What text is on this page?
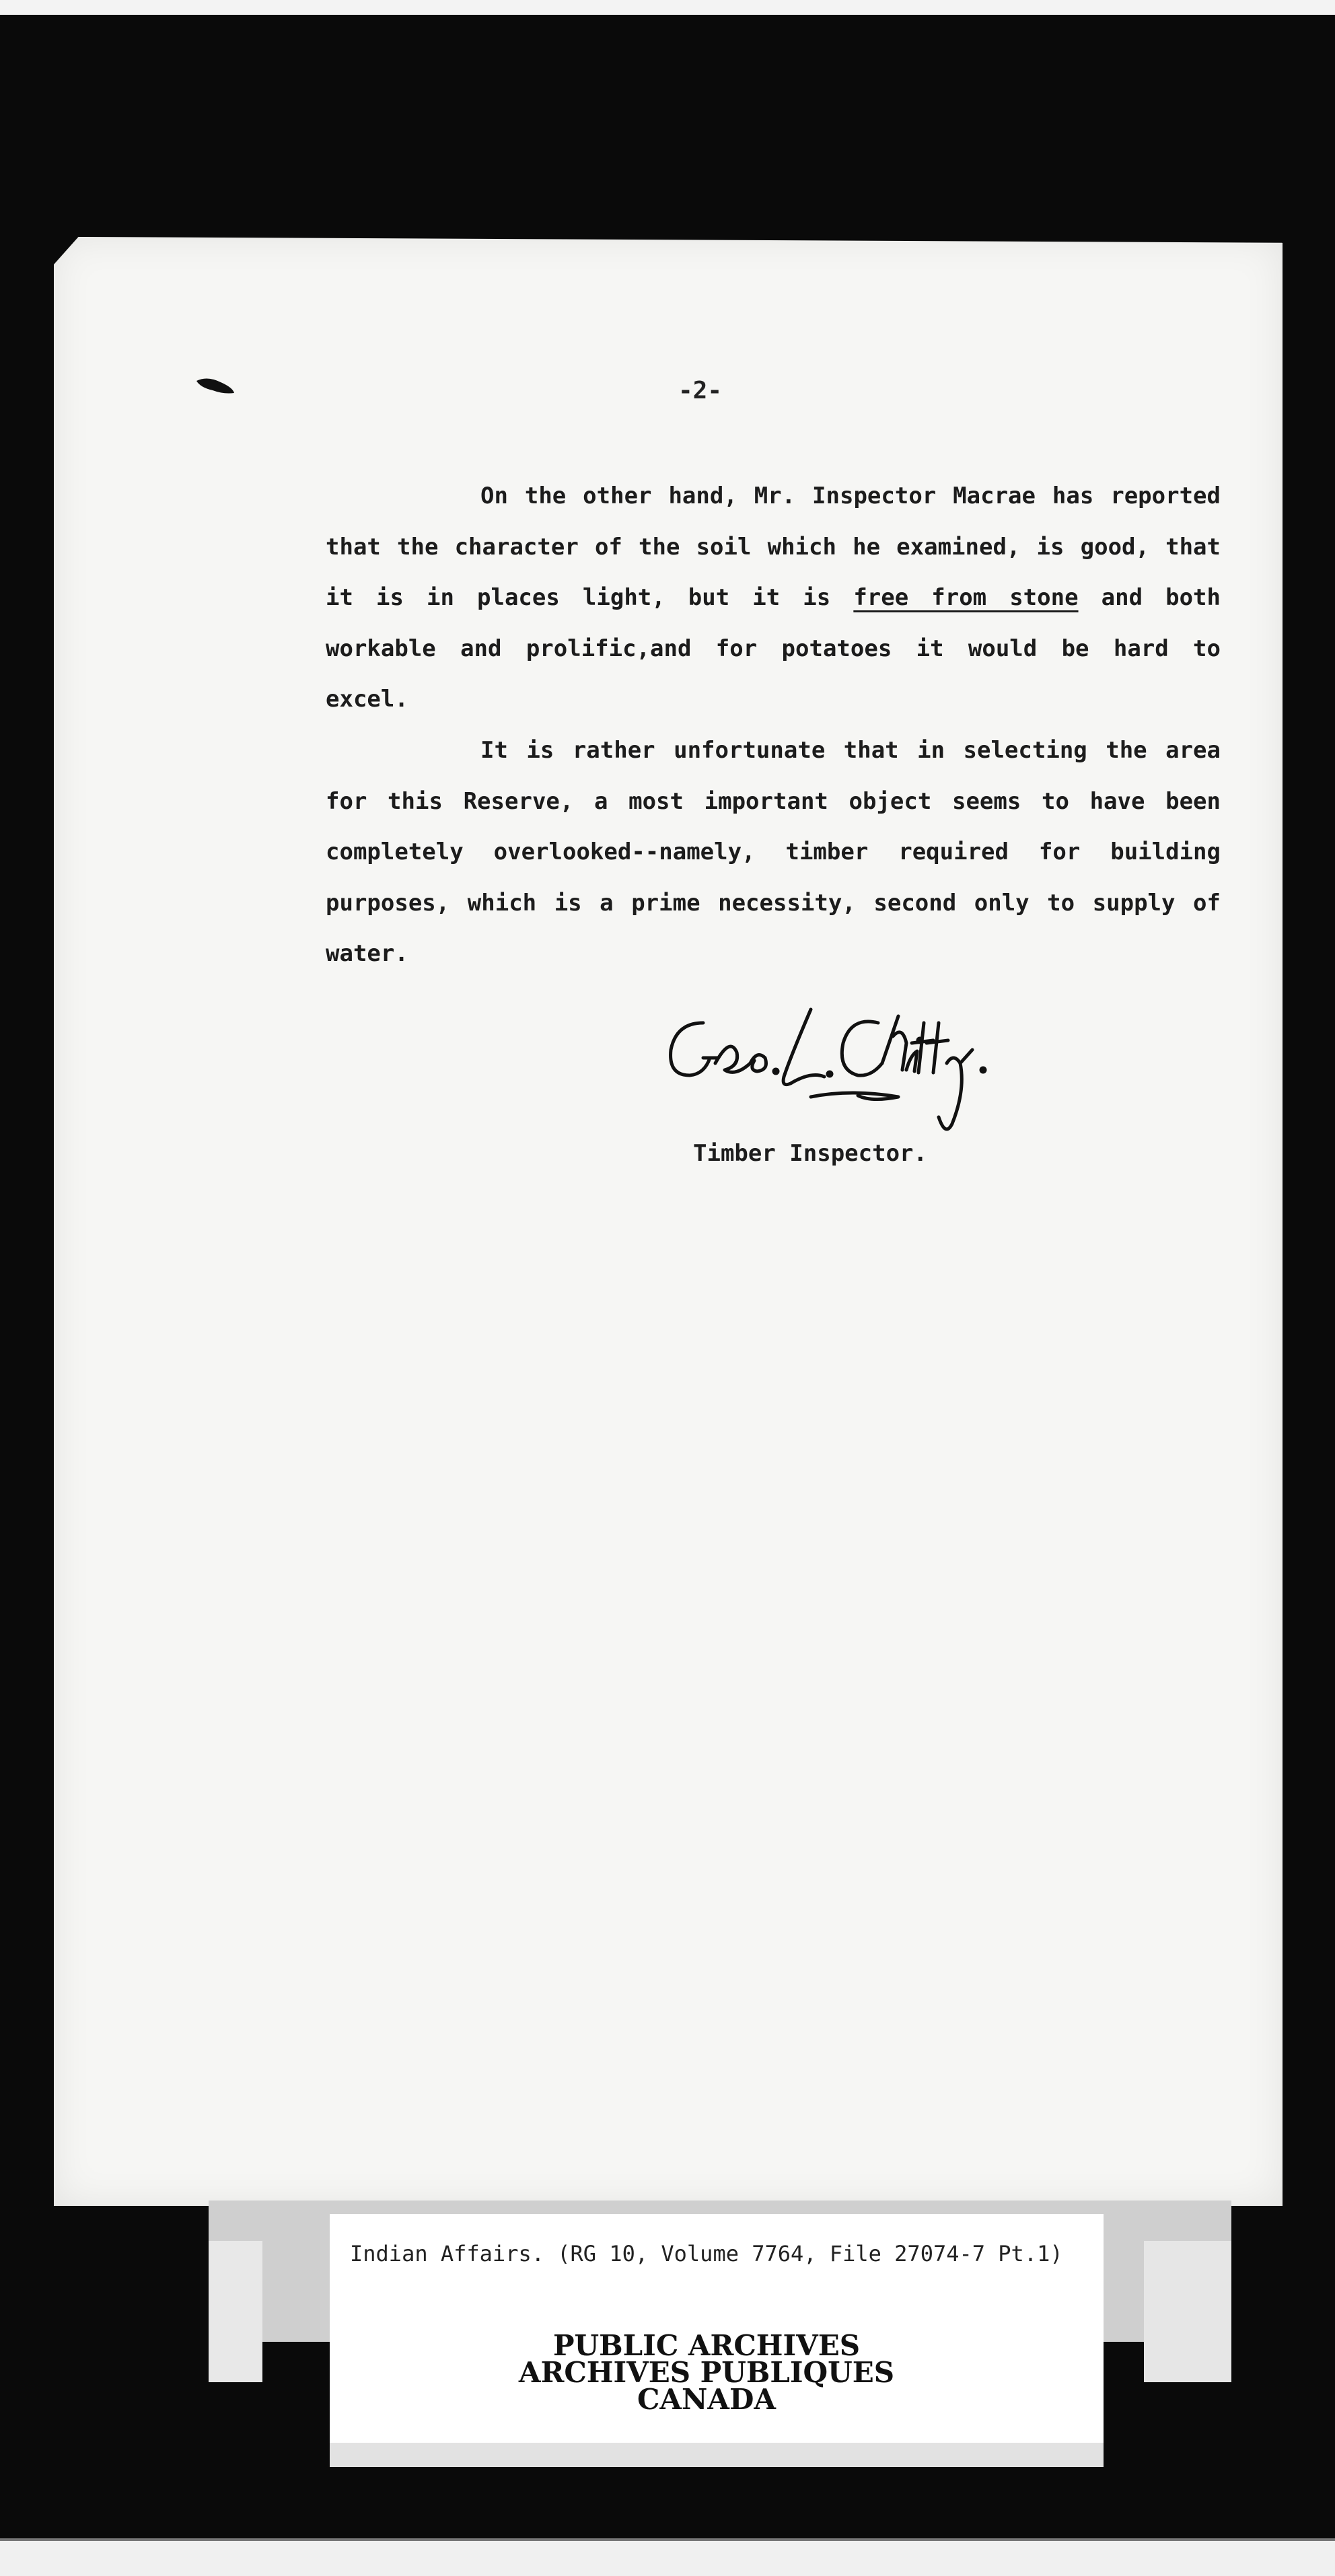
-2-

On the other hand, Mr. Inspector Macrae has reported that the character of the soil which he examined, is good, that it is in places light, but it is free from stone and both workable and prolific,and for potatoes it would be hard to excel.

It is rather unfortunate that in selecting the area for this Reserve, a most important object seems to have been completely overlooked--namely, timber required for building purposes, which is a prime necessity, second only to supply of water.

Timber Inspector.
Indian Affairs. (RG 10, Volume 7764, File 27074-7 Pt.1)
PUBLIC ARCHIVES
ARCHIVES PUBLIQUES
CANADA
